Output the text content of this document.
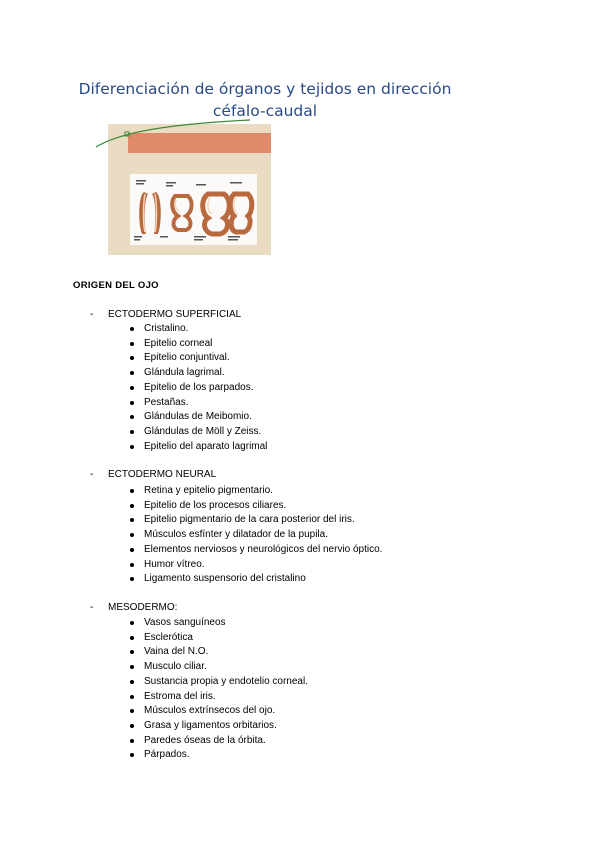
Diferenciación de órganos y tejidos en dirección
céfalo-caudal
ORIGEN DEL OJO
- ECTODERMO SUPERFICIAL
Cristalino.
Epitelio corneal
Epitelio conjuntival.
Glándula lagrimal.
Epitelio de los parpados.
Pestañas.
Glándulas de Meibomio.
Glándulas de Möll y Zeiss.
Epitelio del aparato lagrimal
- ECTODERMO NEURAL
Retina y epitelio pigmentario.
Epitelio de los procesos ciliares.
Epitelio pigmentario de la cara posterior del iris.
Músculos esfínter y dilatador de la pupila.
Elementos nerviosos y neurológicos del nervio óptico.
Humor vítreo.
Ligamento suspensorio del cristalino
- MESODERMO:
Vasos sanguíneos
Esclerótica
Vaina del N.O.
Musculo ciliar.
Sustancia propia y endotelio corneal.
Estroma del iris.
Músculos extrínsecos del ojo.
Grasa y ligamentos orbitarios.
Paredes óseas de la órbita.
Párpados.
